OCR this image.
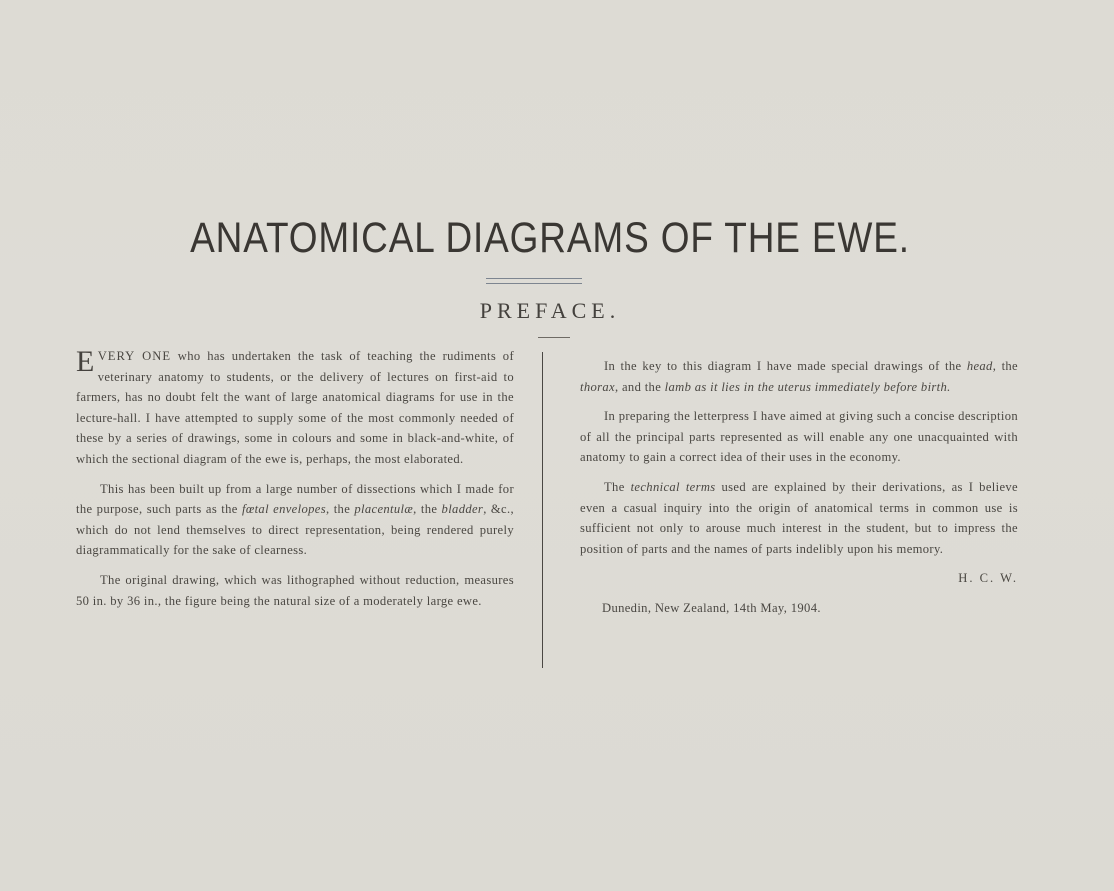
ANATOMICAL DIAGRAMS OF THE EWE.
PREFACE.

EVERY ONE who has undertaken the task of teaching the rudiments of veterinary anatomy to students, or the delivery of lectures on first-aid to farmers, has no doubt felt the want of large anatomical diagrams for use in the lecture-hall. I have attempted to supply some of the most commonly needed of these by a series of drawings, some in colours and some in black-and-white, of which the sectional diagram of the ewe is, perhaps, the most elaborated.

This has been built up from a large number of dissections which I made for the purpose, such parts as the fœtal envelopes, the placentulæ, the bladder, &c., which do not lend themselves to direct representation, being rendered purely diagrammatically for the sake of clearness.

The original drawing, which was lithographed without reduction, measures 50 in. by 36 in., the figure being the natural size of a moderately large ewe.

In the key to this diagram I have made special drawings of the head, the thorax, and the lamb as it lies in the uterus immediately before birth.

In preparing the letterpress I have aimed at giving such a concise description of all the principal parts represented as will enable any one unacquainted with anatomy to gain a correct idea of their uses in the economy.

The technical terms used are explained by their derivations, as I believe even a casual inquiry into the origin of anatomical terms in common use is sufficient not only to arouse much interest in the student, but to impress the position of parts and the names of parts indelibly upon his memory.

H. C. W.

Dunedin, New Zealand, 14th May, 1904.
